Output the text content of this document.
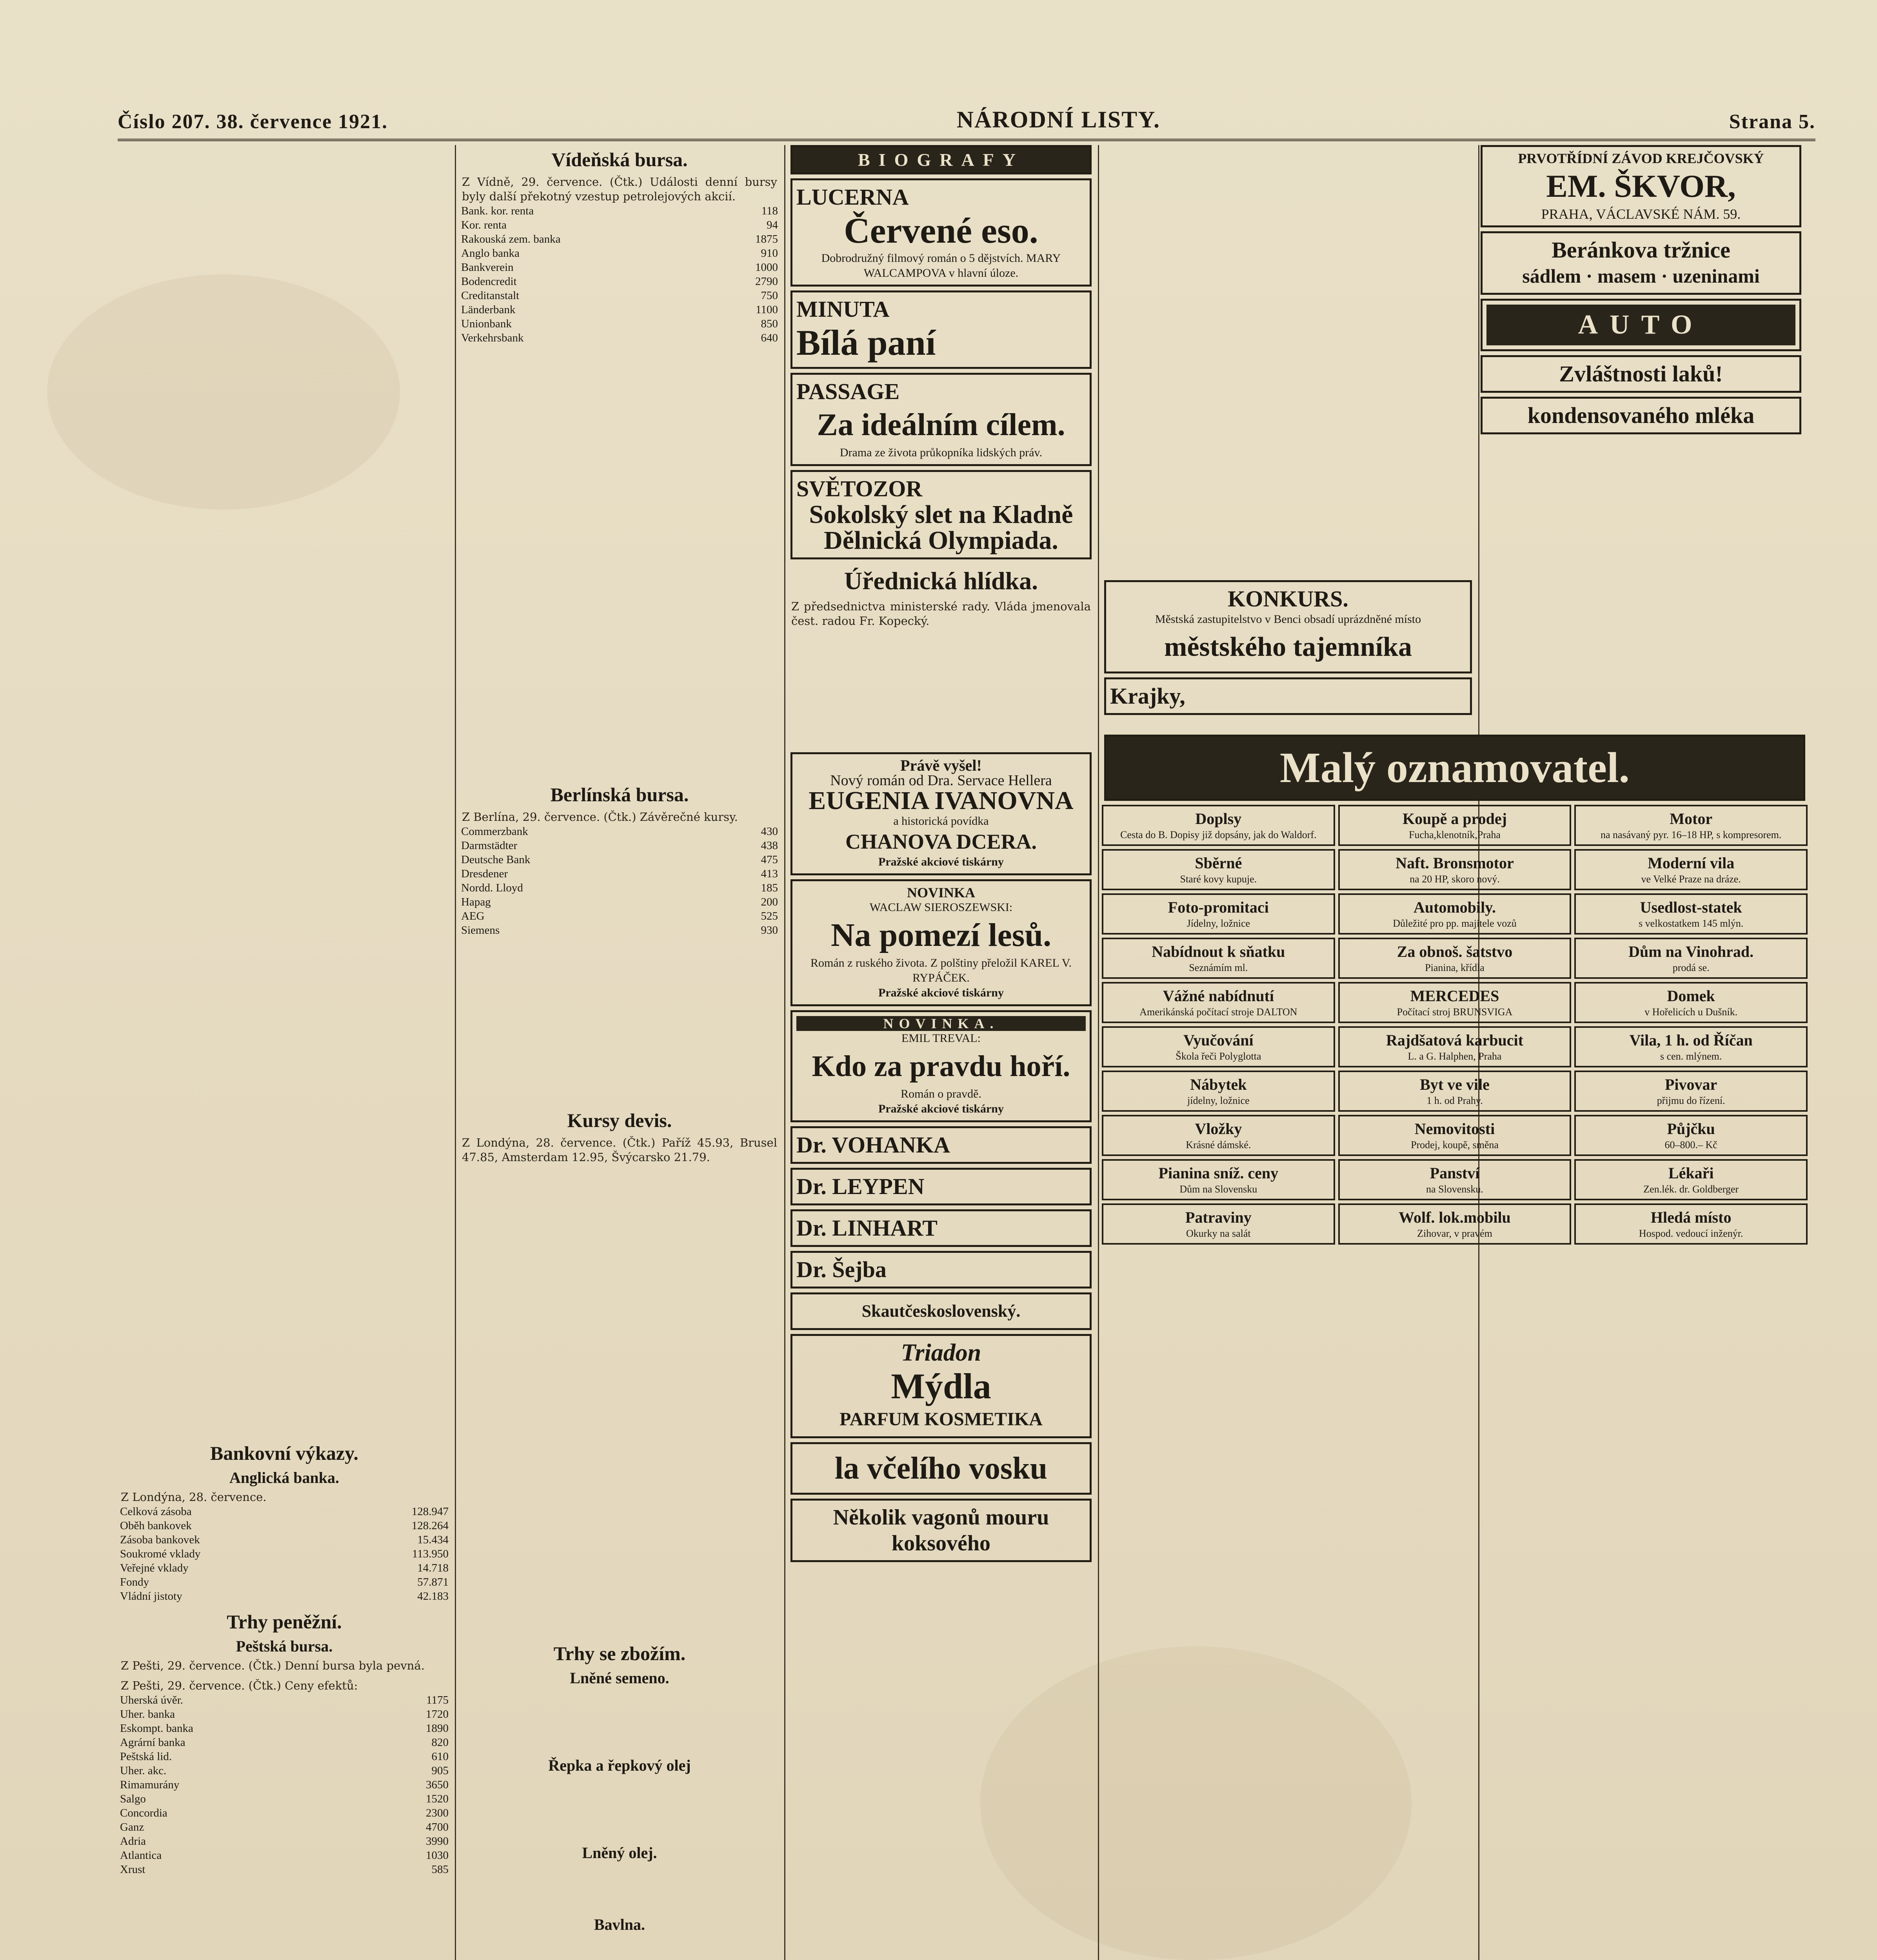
Číslo 207. 38. července 1921.	NÁRODNÍ LISTY.	Strana 5.
Bankovní výkazy.
Anglická banka.
Z Londýna, 28. července.
Celková zásoba	128.947
Oběh bankovek	128.264
Zásoba bankovek	15.434
Soukromé vklady	113.950
Veřejné vklady	14.718
Fondy	57.871
Vládní jistoty	42.183
Trhy peněžní.
Peštská bursa.
Z Pešti, 29. července. (Čtk.) Denní bursa byla pevná.
Z Pešti, 29. července. (Čtk.) Ceny efektů:
Uherská úvěr.	1175
Uher. banka	1720
Eskompt. banka	1890
Agrární banka	820
Peštská lid.	610
Uher. akc.	905
Rimamurány	3650
Salgo	1520
Concordia	2300
Ganz	4700
Adria	3990
Atlantica	1030
Xrust	585
Vídeňská bursa.
Z Vídně, 29. července. (Čtk.) Události denní bursy byly další překotný vzestup petrolejových akcií.
Bank. kor. renta	118
Kor. renta	94
Rakouská zem. banka	1875
Anglo banka	910
Bankverein	1000
Bodencredit	2790
Creditanstalt	750
Länderbank	1100
Unionbank	850
Verkehrsbank	640
Berlínská bursa.
Z Berlína, 29. července. (Čtk.) Závěrečné kursy.
Commerzbank	430
Darmstädter	438
Deutsche Bank	475
Dresdener	413
Nordd. Lloyd	185
Hapag	200
AEG	525
Siemens	930
Kursy devis.
Z Londýna, 28. července. (Čtk.) Paříž 45.93, Brusel 47.85, Amsterdam 12.95, Švýcarsko 21.79.
Trhy se zbožím.
Lněné semeno.
Řepka a řepkový olej
Lněný olej.
Bavlna.
BIOGRAFY
LUCERNA
Červené eso.
Dobrodružný filmový román o 5 dějstvích. MARY WALCAMPOVA v hlavní úloze.
MINUTA
Bílá paní
PASSAGE
Za ideálním cílem.
Drama ze života průkopníka lidských práv.
SVĚTOZOR
Sokolský slet na Kladně
Dělnická Olympiada.
Úřednická hlídka.
Z předsednictva ministerské rady. Vláda jmenovala čest. radou Fr. Kopecký.
Právě vyšel!
Nový román od Dra. Servace Hellera
EUGENIA IVANOVNA
a historická povídka
CHANOVA DCERA.
Pražské akciové tiskárny
NOVINKA
WACLAW SIEROSZEWSKI:
Na pomezí lesů.
Román z ruského života. Z polštiny přeložil KAREL V. RYPÁČEK.
Pražské akciové tiskárny
NOVINKA.
EMIL TREVAL:
Kdo za pravdu hoří.
Román o pravdě.
Pražské akciové tiskárny
Dr. VOHANKA
Dr. LEYPEN
Dr. LINHART
Dr. Šejba
Skautčeskoslovenský.
Triadon
Mýdla
PARFUM KOSMETIKA
la včelího vosku
Několik vagonů mouru koksového
KONKURS.
Městská zastupitelstvo v Benci obsadí uprázdněné místo
městského tajemníka
Krajky,
PRVOTŘÍDNÍ ZÁVOD KREJČOVSKÝ
EM. ŠKVOR,
PRAHA, VÁCLAVSKÉ NÁM. 59.
Beránkova tržnice
sádlem · masem · uzeninami
AUTO
Zvláštnosti laků!
kondensovaného mléka
Malý oznamovatel.
Doplsy
Cesta do B. Dopisy již dopsány, jak do Waldorf.
Koupě a prodej
Fucha,klenotník,Praha
Motor
na nasávaný pyr. 16–18 HP, s kompresorem.
Sběrné
Staré kovy kupuje.
Naft. Bronsmotor
na 20 HP, skoro nový.
Moderní vila
ve Velké Praze na dráze.
Foto-promitaci
Jídelny, ložnice
Automobily.
Důležité pro pp. majitele vozů
Usedlost-statek
s velkostatkem 145 mlýn.
Nabídnout k sňatku
Seznámím ml.
Za obnoš. šatstvo
Pianina, křídla
Dům na Vinohrad.
prodá se.
Vážné nabídnutí
Amerikánská počítací stroje DALTON
MERCEDES
Počítací stroj BRUNSVIGA
Domek
v Hořelicích u Dušník.
Vyučování
Škola řeči Polyglotta
Rajdšatová karbucit
L. a G. Halphen, Praha
Vila, 1 h. od Říčan
s cen. mlýnem.
Nábytek
jídelny, ložnice
Byt ve vile
1 h. od Prahy.
Pivovar
přijmu do řízení.
Vložky
Krásné dámské.
Nemovitosti
Prodej, koupě, směna
Půjčku
60–800.– Kč
Pianina sníž. ceny
Dům na Slovensku
Panství
na Slovensku.
Lékaři
Zen.lék. dr. Goldberger
Patraviny
Okurky na salát
Wolf. lok.mobilu
Zihovar, v pravém
Hledá místo
Hospod. vedoucí inženýr.
